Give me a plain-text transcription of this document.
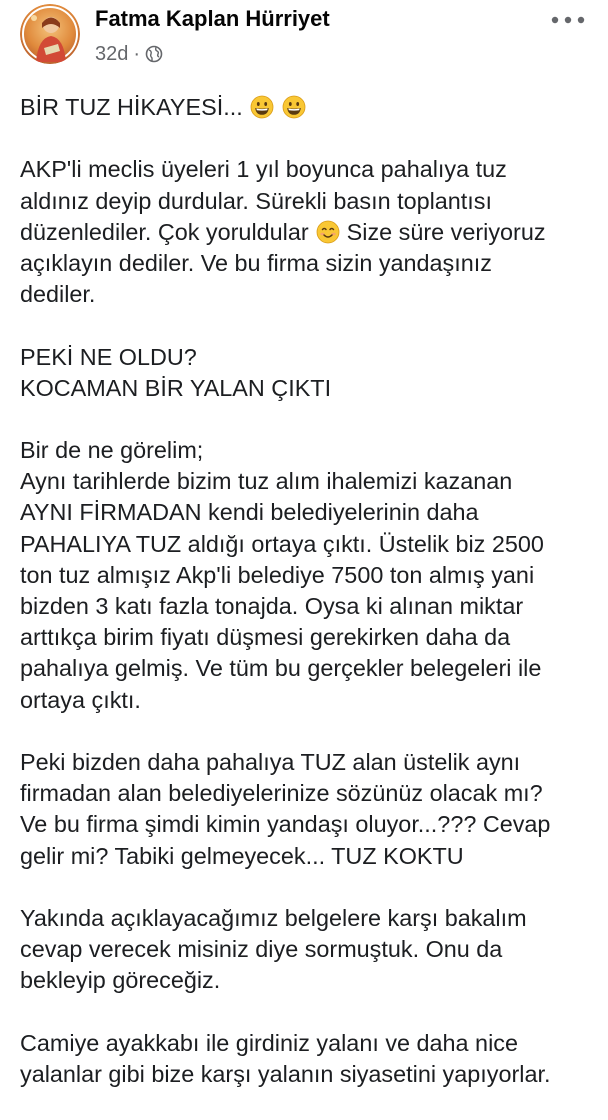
Fatma Kaplan Hürriyet
32d ·
BİR TUZ HİKAYESİ...
AKP'li meclis üyeleri 1 yıl boyunca pahalıya tuz
aldınız deyip durdular. Sürekli basın toplantısı
düzenlediler. Çok yoruldular Size süre veriyoruz
açıklayın dediler. Ve bu firma sizin yandaşınız
dediler.
PEKİ NE OLDU?
KOCAMAN BİR YALAN ÇIKTI
Bir de ne görelim;
Aynı tarihlerde bizim tuz alım ihalemizi kazanan
AYNI FİRMADAN kendi belediyelerinin daha
PAHALIYA TUZ aldığı ortaya çıktı. Üstelik biz 2500
ton tuz almışız Akp'li belediye 7500 ton almış yani
bizden 3 katı fazla tonajda. Oysa ki alınan miktar
arttıkça birim fiyatı düşmesi gerekirken daha da
pahalıya gelmiş. Ve tüm bu gerçekler belegeleri ile
ortaya çıktı.
Peki bizden daha pahalıya TUZ alan üstelik aynı
firmadan alan belediyelerinize sözünüz olacak mı?
Ve bu firma şimdi kimin yandaşı oluyor...??? Cevap
gelir mi? Tabiki gelmeyecek... TUZ KOKTU
Yakında açıklayacağımız belgelere karşı bakalım
cevap verecek misiniz diye sormuştuk. Onu da
bekleyip göreceğiz.
Camiye ayakkabı ile girdiniz yalanı ve daha nice
yalanlar gibi bize karşı yalanın siyasetini yapıyorlar.
